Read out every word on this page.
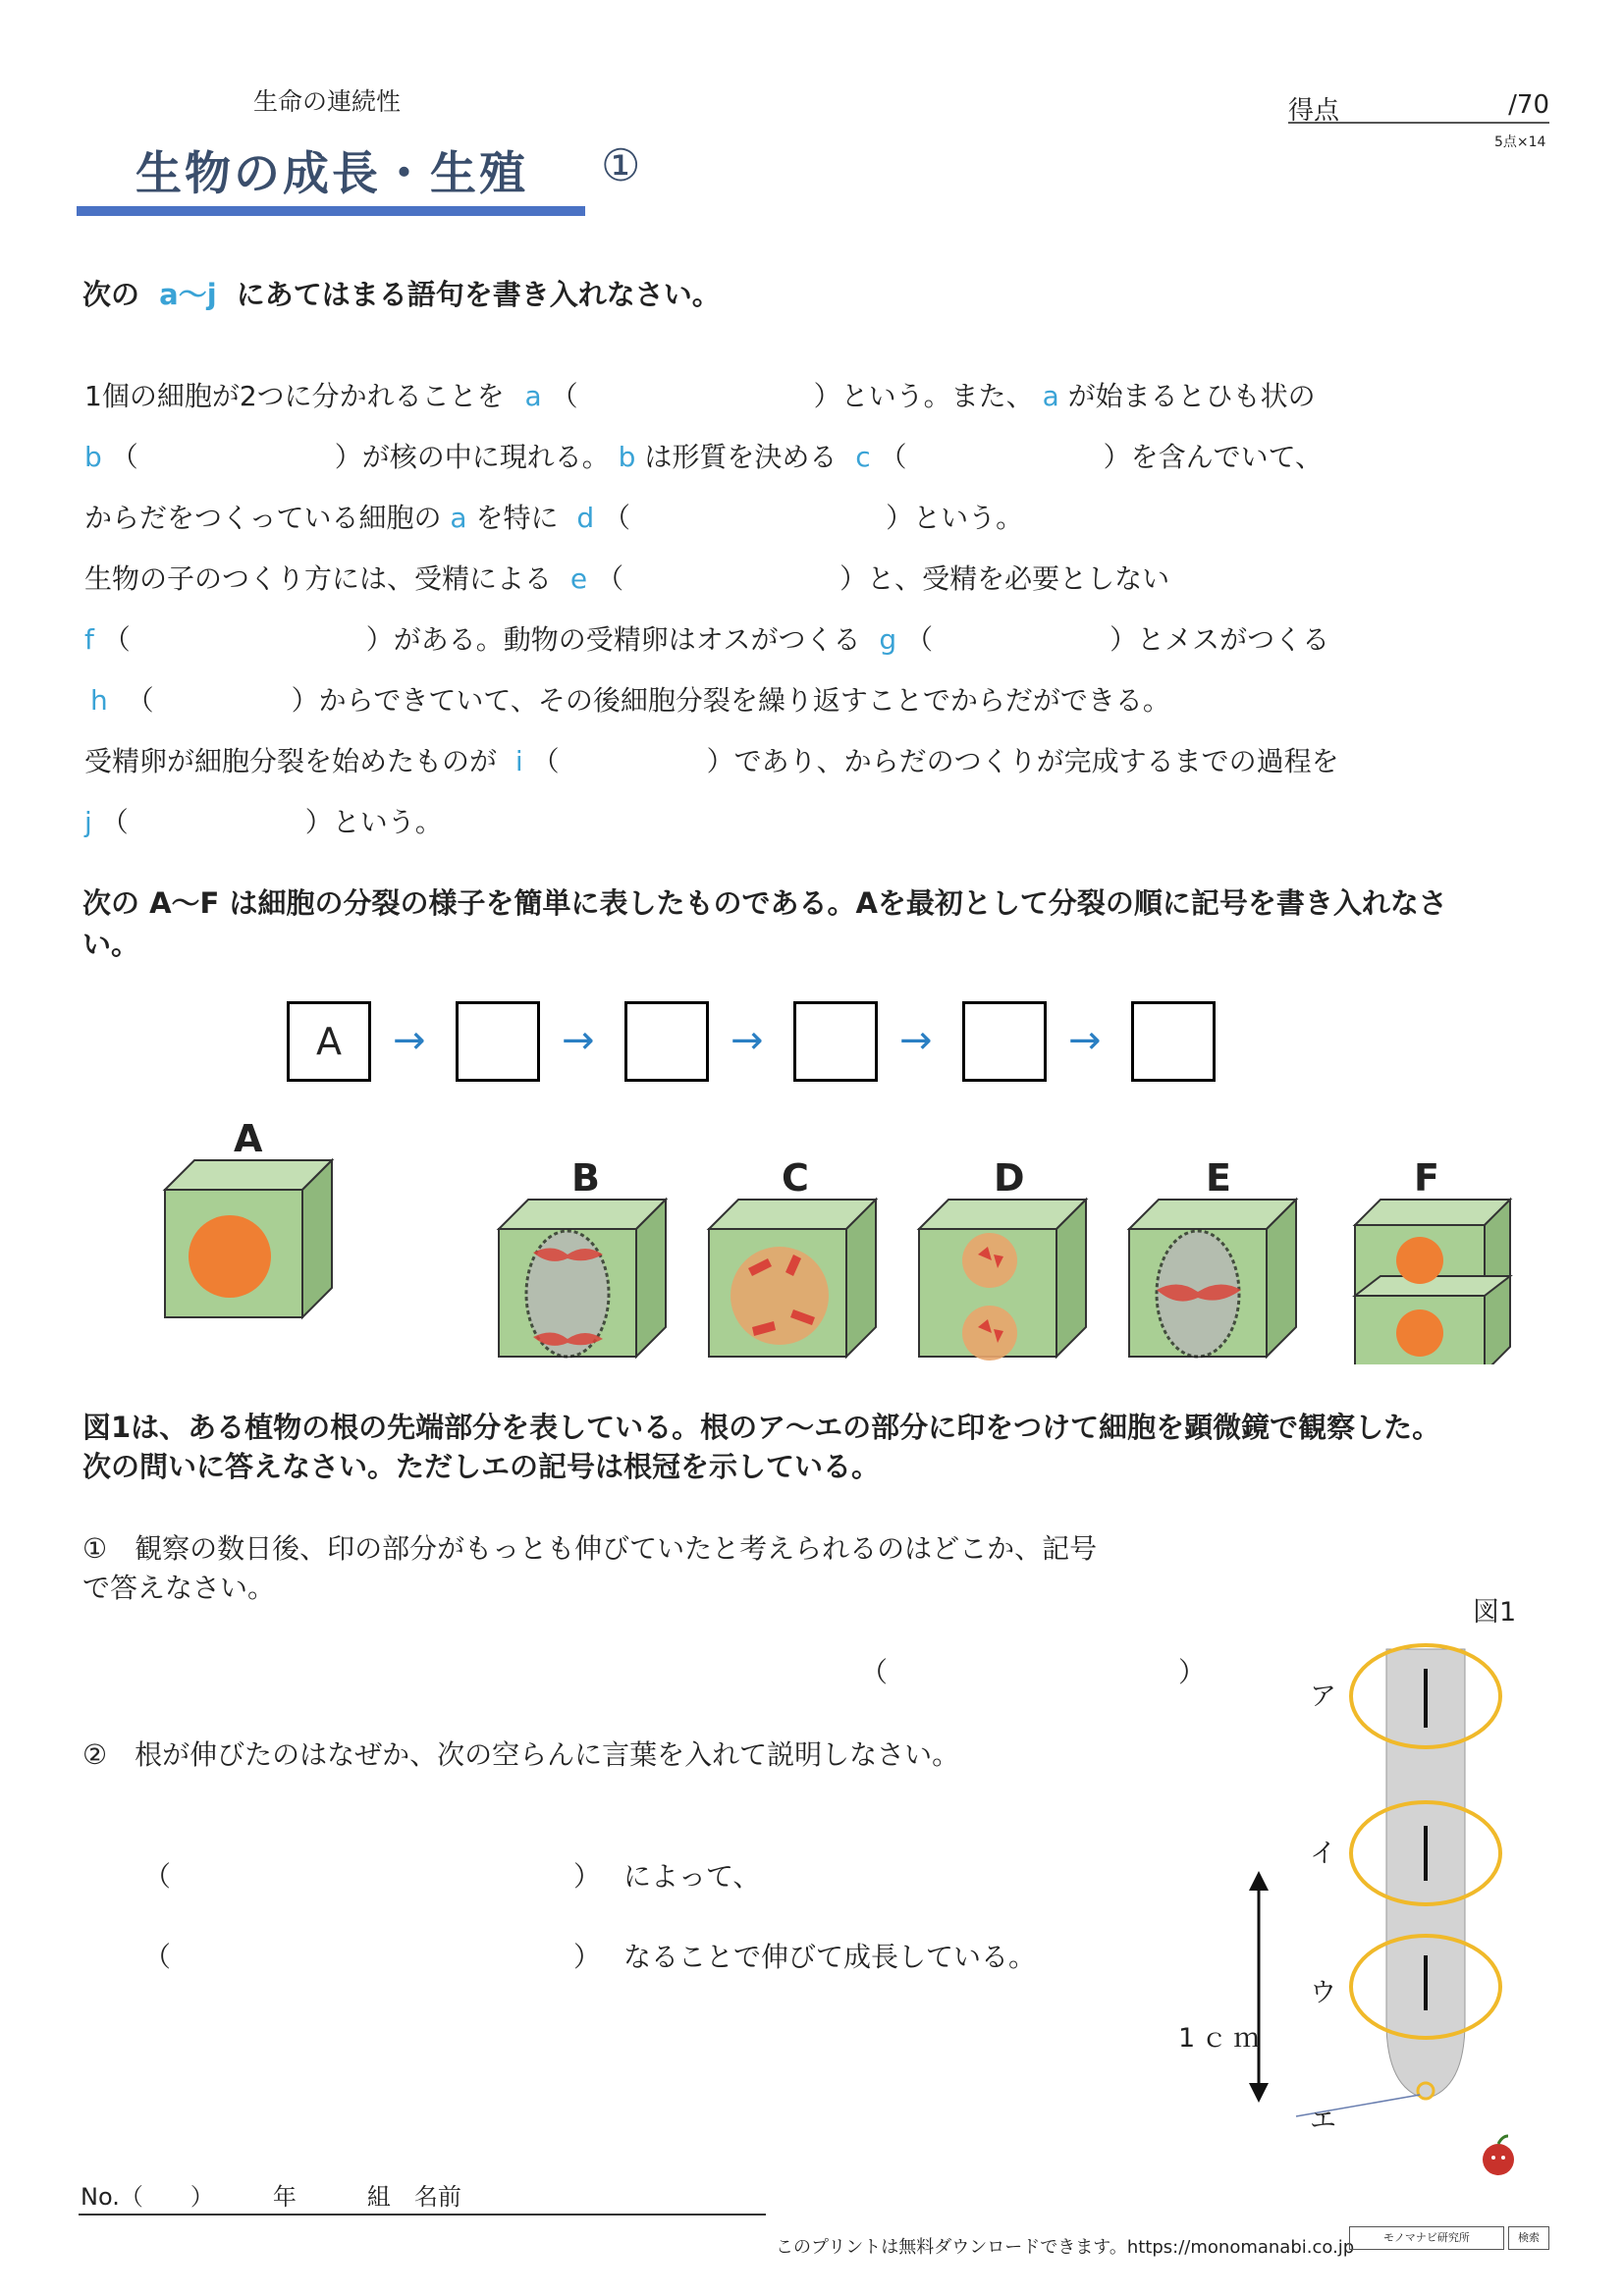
生命の連続性
生物の成長・生殖 ①
得点	/70
5点×14
次の a～j にあてはまる語句を書き入れなさい。
1個の細胞が2つに分かれることを a （	）という。また、 a が始まるとひも状の
b （	）が核の中に現れる。 b は形質を決める c （	）を含んでいて、
からだをつくっている細胞の a を特に d （	）という。
生物の子のつくり方には、受精による e （	）と、受精を必要としない
f （	）がある。動物の受精卵はオスがつくる g （	）とメスがつくる
h （	）からできていて、その後細胞分裂を繰り返すことでからだができる。
受精卵が細胞分裂を始めたものが i （	）であり、からだのつくりが完成するまでの過程を
j （	）という。
次の A～F は細胞の分裂の様子を簡単に表したものである。Aを最初として分裂の順に記号を書き入れなさ
い。
A	→	→	→	→	→
A
B	C	D	E	F
図1は、ある植物の根の先端部分を表している。根のア～エの部分に印をつけて細胞を顕微鏡で観察した。
次の問いに答えなさい。ただしエの記号は根冠を示している。
①　観察の数日後、印の部分がもっとも伸びていたと考えられるのはどこか、記号
で答えなさい。
（	）
②　根が伸びたのはなぜか、次の空らんに言葉を入れて説明しなさい。
（	） によって、
（	） なることで伸びて成長している。
図1
ア
イ
ウ
エ
1ｃｍ
No.（　　）　　　年　　　組　名前
このプリントは無料ダウンロードできます。https://monomanabi.co.jp	モノマナビ研究所	検索
